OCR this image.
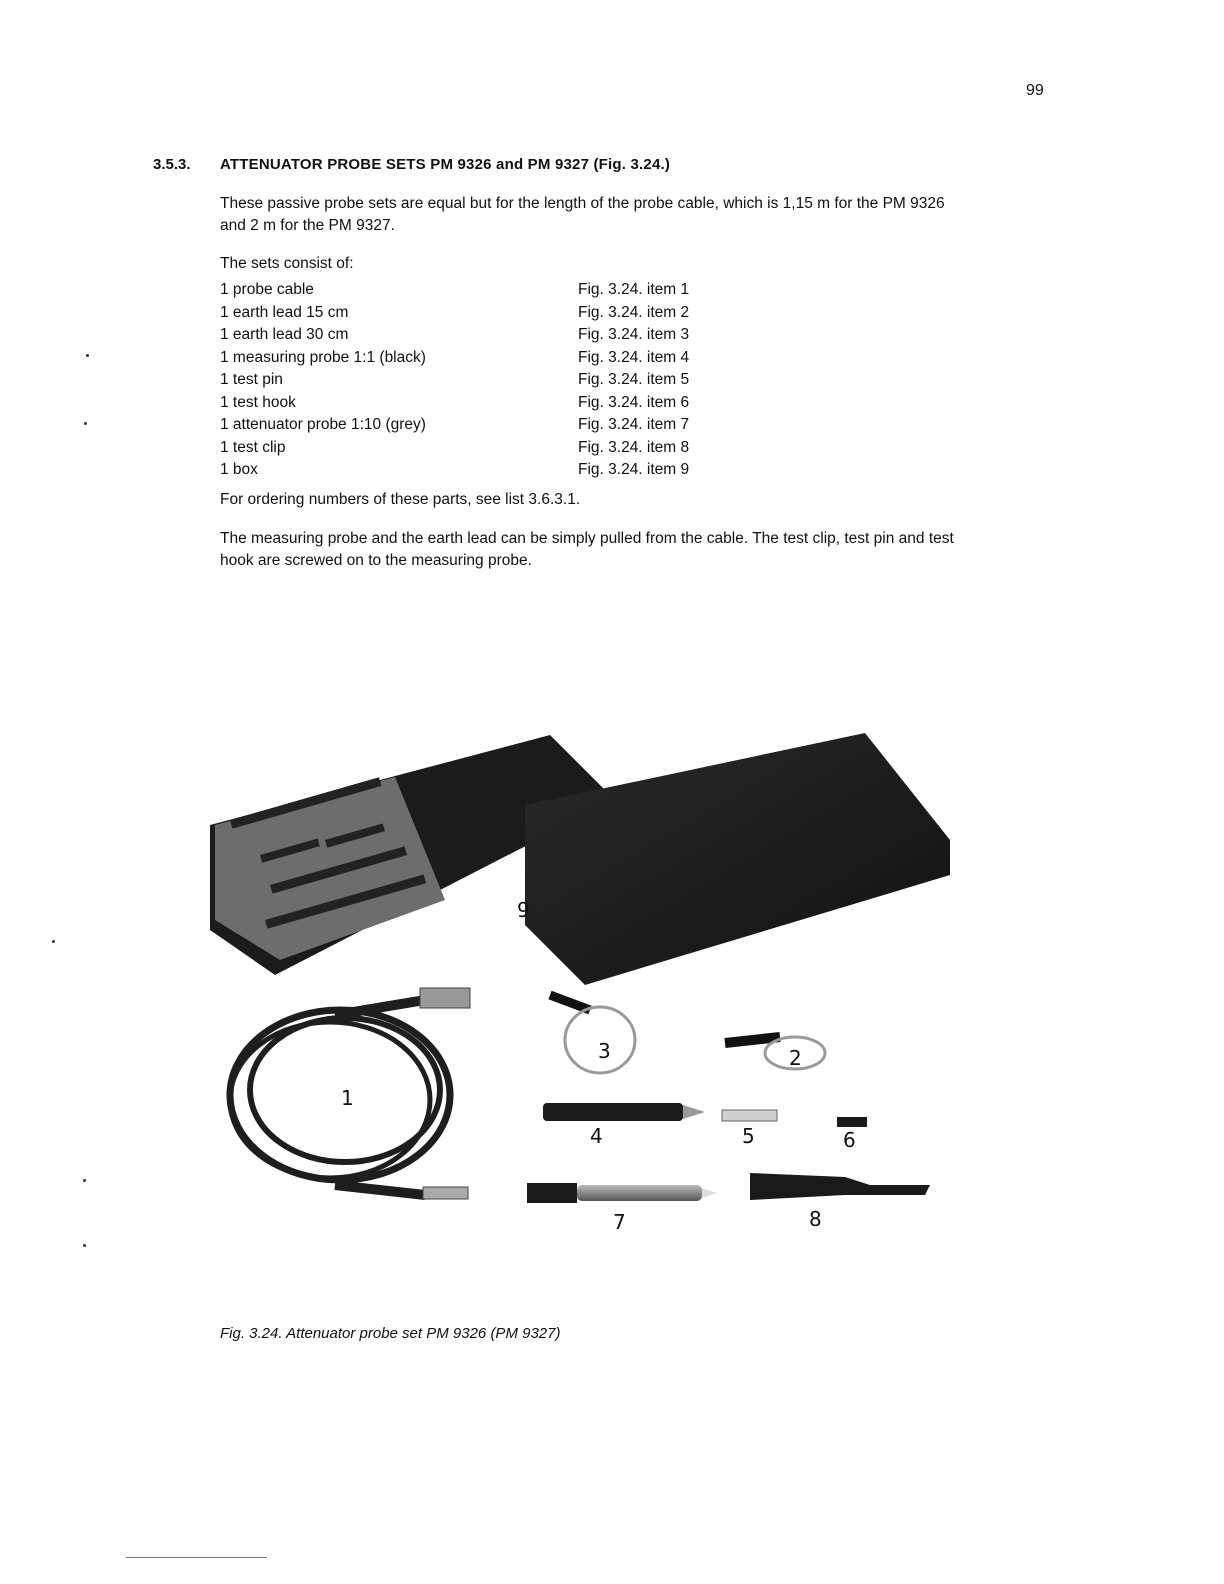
99
3.5.3. ATTENUATOR PROBE SETS PM 9326 and PM 9327 (Fig. 3.24.)
These passive probe sets are equal but for the length of the probe cable, which is 1,15 m for the PM 9326
and 2 m for the PM 9327.
The sets consist of:
1 probe cable	Fig. 3.24. item 1
1 earth lead 15 cm	Fig. 3.24. item 2
1 earth lead 30 cm	Fig. 3.24. item 3
1 measuring probe 1:1 (black)	Fig. 3.24. item 4
1 test pin	Fig. 3.24. item 5
1 test hook	Fig. 3.24. item 6
1 attenuator probe 1:10 (grey)	Fig. 3.24. item 7
1 test clip	Fig. 3.24. item 8
1 box	Fig. 3.24. item 9
For ordering numbers of these parts, see list 3.6.3.1.
The measuring probe and the earth lead can be simply pulled from the cable. The test clip, test pin and test
hook are screwed on to the measuring probe.
1
2
3
4	5	6
7	8
9
Fig. 3.24. Attenuator probe set PM 9326 (PM 9327)
